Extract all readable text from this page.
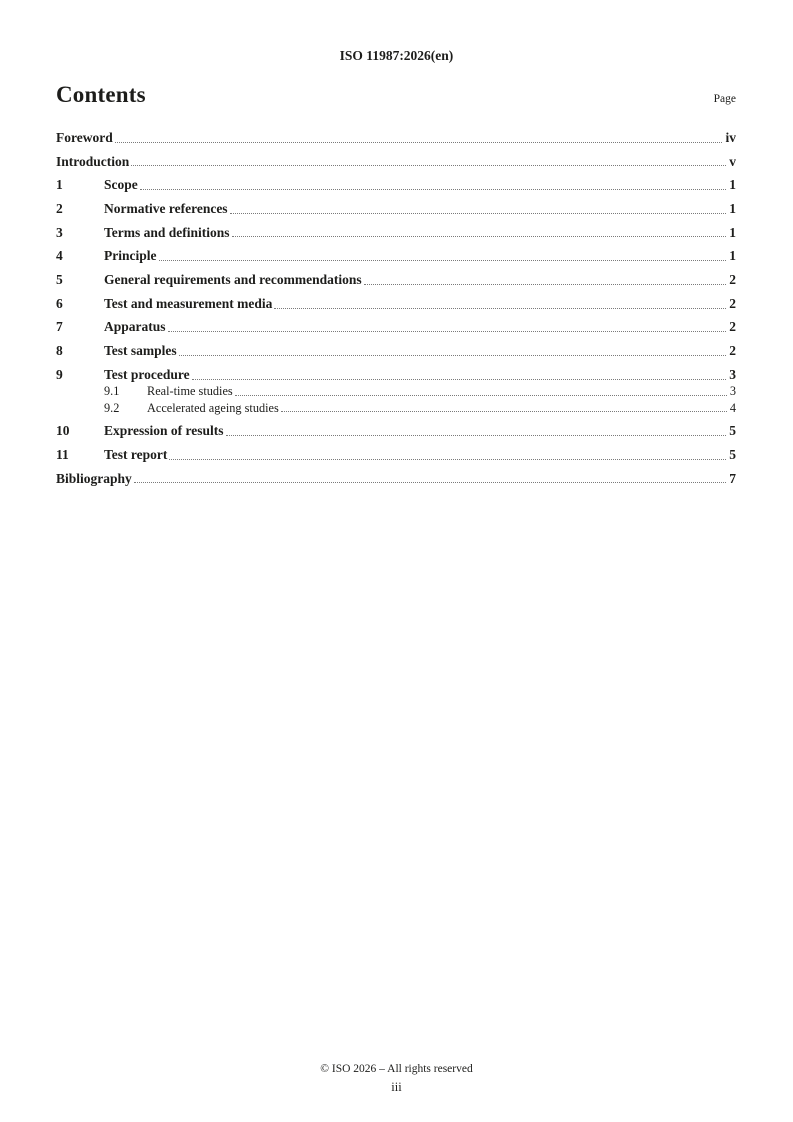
ISO 11987:2026(en)
Contents	Page
Foreword	iv
Introduction	v
1	Scope	1
2	Normative references	1
3	Terms and definitions	1
4	Principle	1
5	General requirements and recommendations	2
6	Test and measurement media	2
7	Apparatus	2
8	Test samples	2
9	Test procedure	3
9.1	Real-time studies	3
9.2	Accelerated ageing studies	4
10	Expression of results	5
11	Test report	5
Bibliography	7
© ISO 2026 – All rights reserved
iii
